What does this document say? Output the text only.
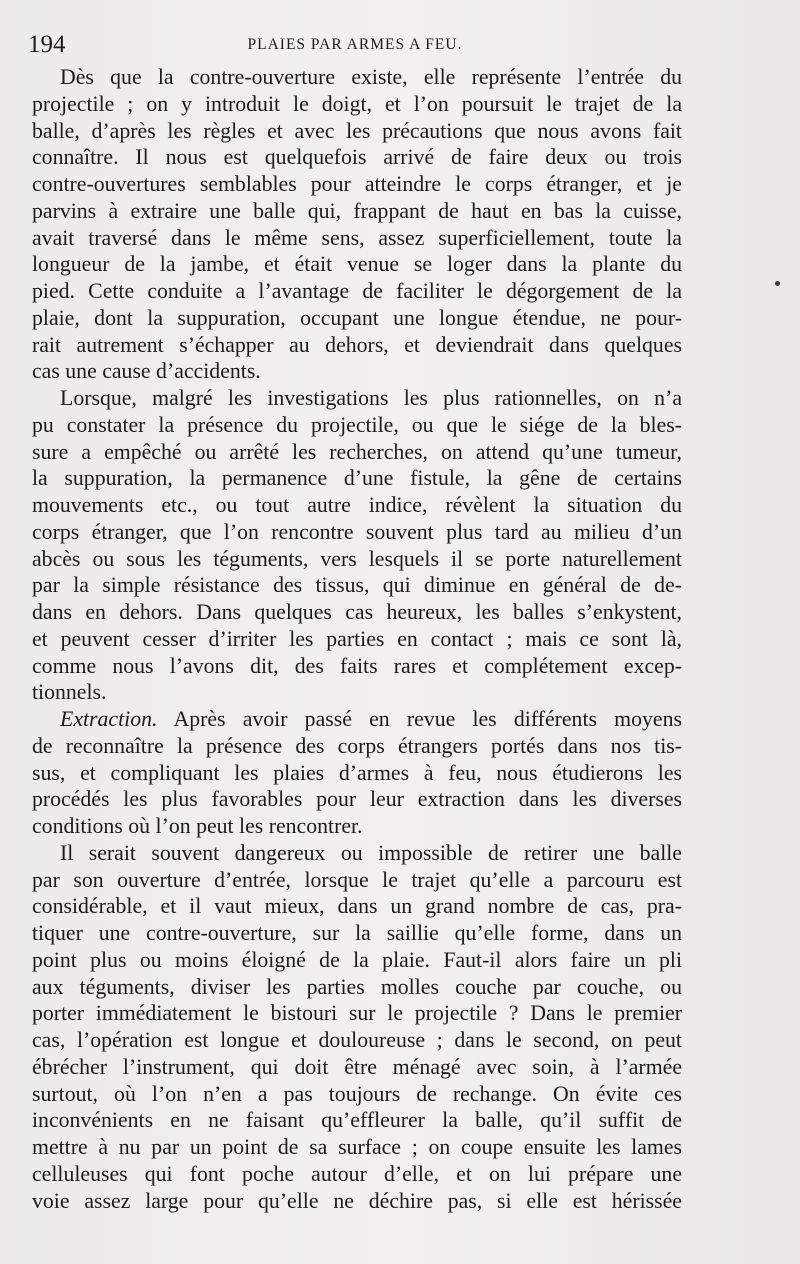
194	PLAIES PAR ARMES A FEU.
Dès que la contre-ouverture existe, elle représente l’entrée du
projectile ; on y introduit le doigt, et l’on poursuit le trajet de la
balle, d’après les règles et avec les précautions que nous avons fait
connaître. Il nous est quelquefois arrivé de faire deux ou trois
contre-ouvertures semblables pour atteindre le corps étranger, et je
parvins à extraire une balle qui, frappant de haut en bas la cuisse,
avait traversé dans le même sens, assez superficiellement, toute la
longueur de la jambe, et était venue se loger dans la plante du
pied. Cette conduite a l’avantage de faciliter le dégorgement de la
plaie, dont la suppuration, occupant une longue étendue, ne pour-
rait autrement s’échapper au dehors, et deviendrait dans quelques
cas une cause d’accidents.
Lorsque, malgré les investigations les plus rationnelles, on n’a
pu constater la présence du projectile, ou que le siége de la bles-
sure a empêché ou arrêté les recherches, on attend qu’une tumeur,
la suppuration, la permanence d’une fistule, la gêne de certains
mouvements etc., ou tout autre indice, révèlent la situation du
corps étranger, que l’on rencontre souvent plus tard au milieu d’un
abcès ou sous les téguments, vers lesquels il se porte naturellement
par la simple résistance des tissus, qui diminue en général de de-
dans en dehors. Dans quelques cas heureux, les balles s’enkystent,
et peuvent cesser d’irriter les parties en contact ; mais ce sont là,
comme nous l’avons dit, des faits rares et complétement excep-
tionnels.
Extraction. Après avoir passé en revue les différents moyens
de reconnaître la présence des corps étrangers portés dans nos tis-
sus, et compliquant les plaies d’armes à feu, nous étudierons les
procédés les plus favorables pour leur extraction dans les diverses
conditions où l’on peut les rencontrer.
Il serait souvent dangereux ou impossible de retirer une balle
par son ouverture d’entrée, lorsque le trajet qu’elle a parcouru est
considérable, et il vaut mieux, dans un grand nombre de cas, pra-
tiquer une contre-ouverture, sur la saillie qu’elle forme, dans un
point plus ou moins éloigné de la plaie. Faut-il alors faire un pli
aux téguments, diviser les parties molles couche par couche, ou
porter immédiatement le bistouri sur le projectile ? Dans le premier
cas, l’opération est longue et douloureuse ; dans le second, on peut
ébrécher l’instrument, qui doit être ménagé avec soin, à l’armée
surtout, où l’on n’en a pas toujours de rechange. On évite ces
inconvénients en ne faisant qu’effleurer la balle, qu’il suffit de
mettre à nu par un point de sa surface ; on coupe ensuite les lames
celluleuses qui font poche autour d’elle, et on lui prépare une
voie assez large pour qu’elle ne déchire pas, si elle est hérissée
